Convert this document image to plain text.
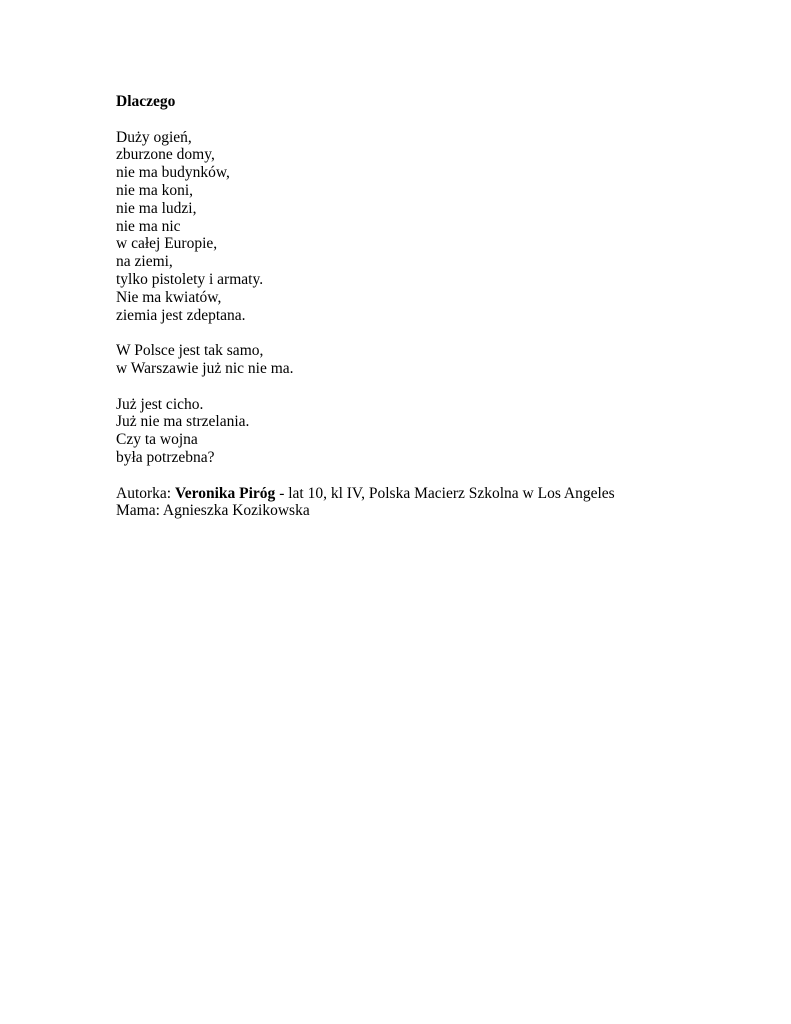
Dlaczego
Duży ogień,
zburzone domy,
nie ma budynków,
nie ma koni,
nie ma ludzi,
nie ma nic
w całej Europie,
na ziemi,
tylko pistolety i armaty.
Nie ma kwiatów,
ziemia jest zdeptana.
W Polsce jest tak samo,
w Warszawie już nic nie ma.
Już jest cicho.
Już nie ma strzelania.
Czy ta wojna
była potrzebna?
Autorka: Veronika Piróg - lat 10, kl IV, Polska Macierz Szkolna w Los Angeles
Mama: Agnieszka Kozikowska
